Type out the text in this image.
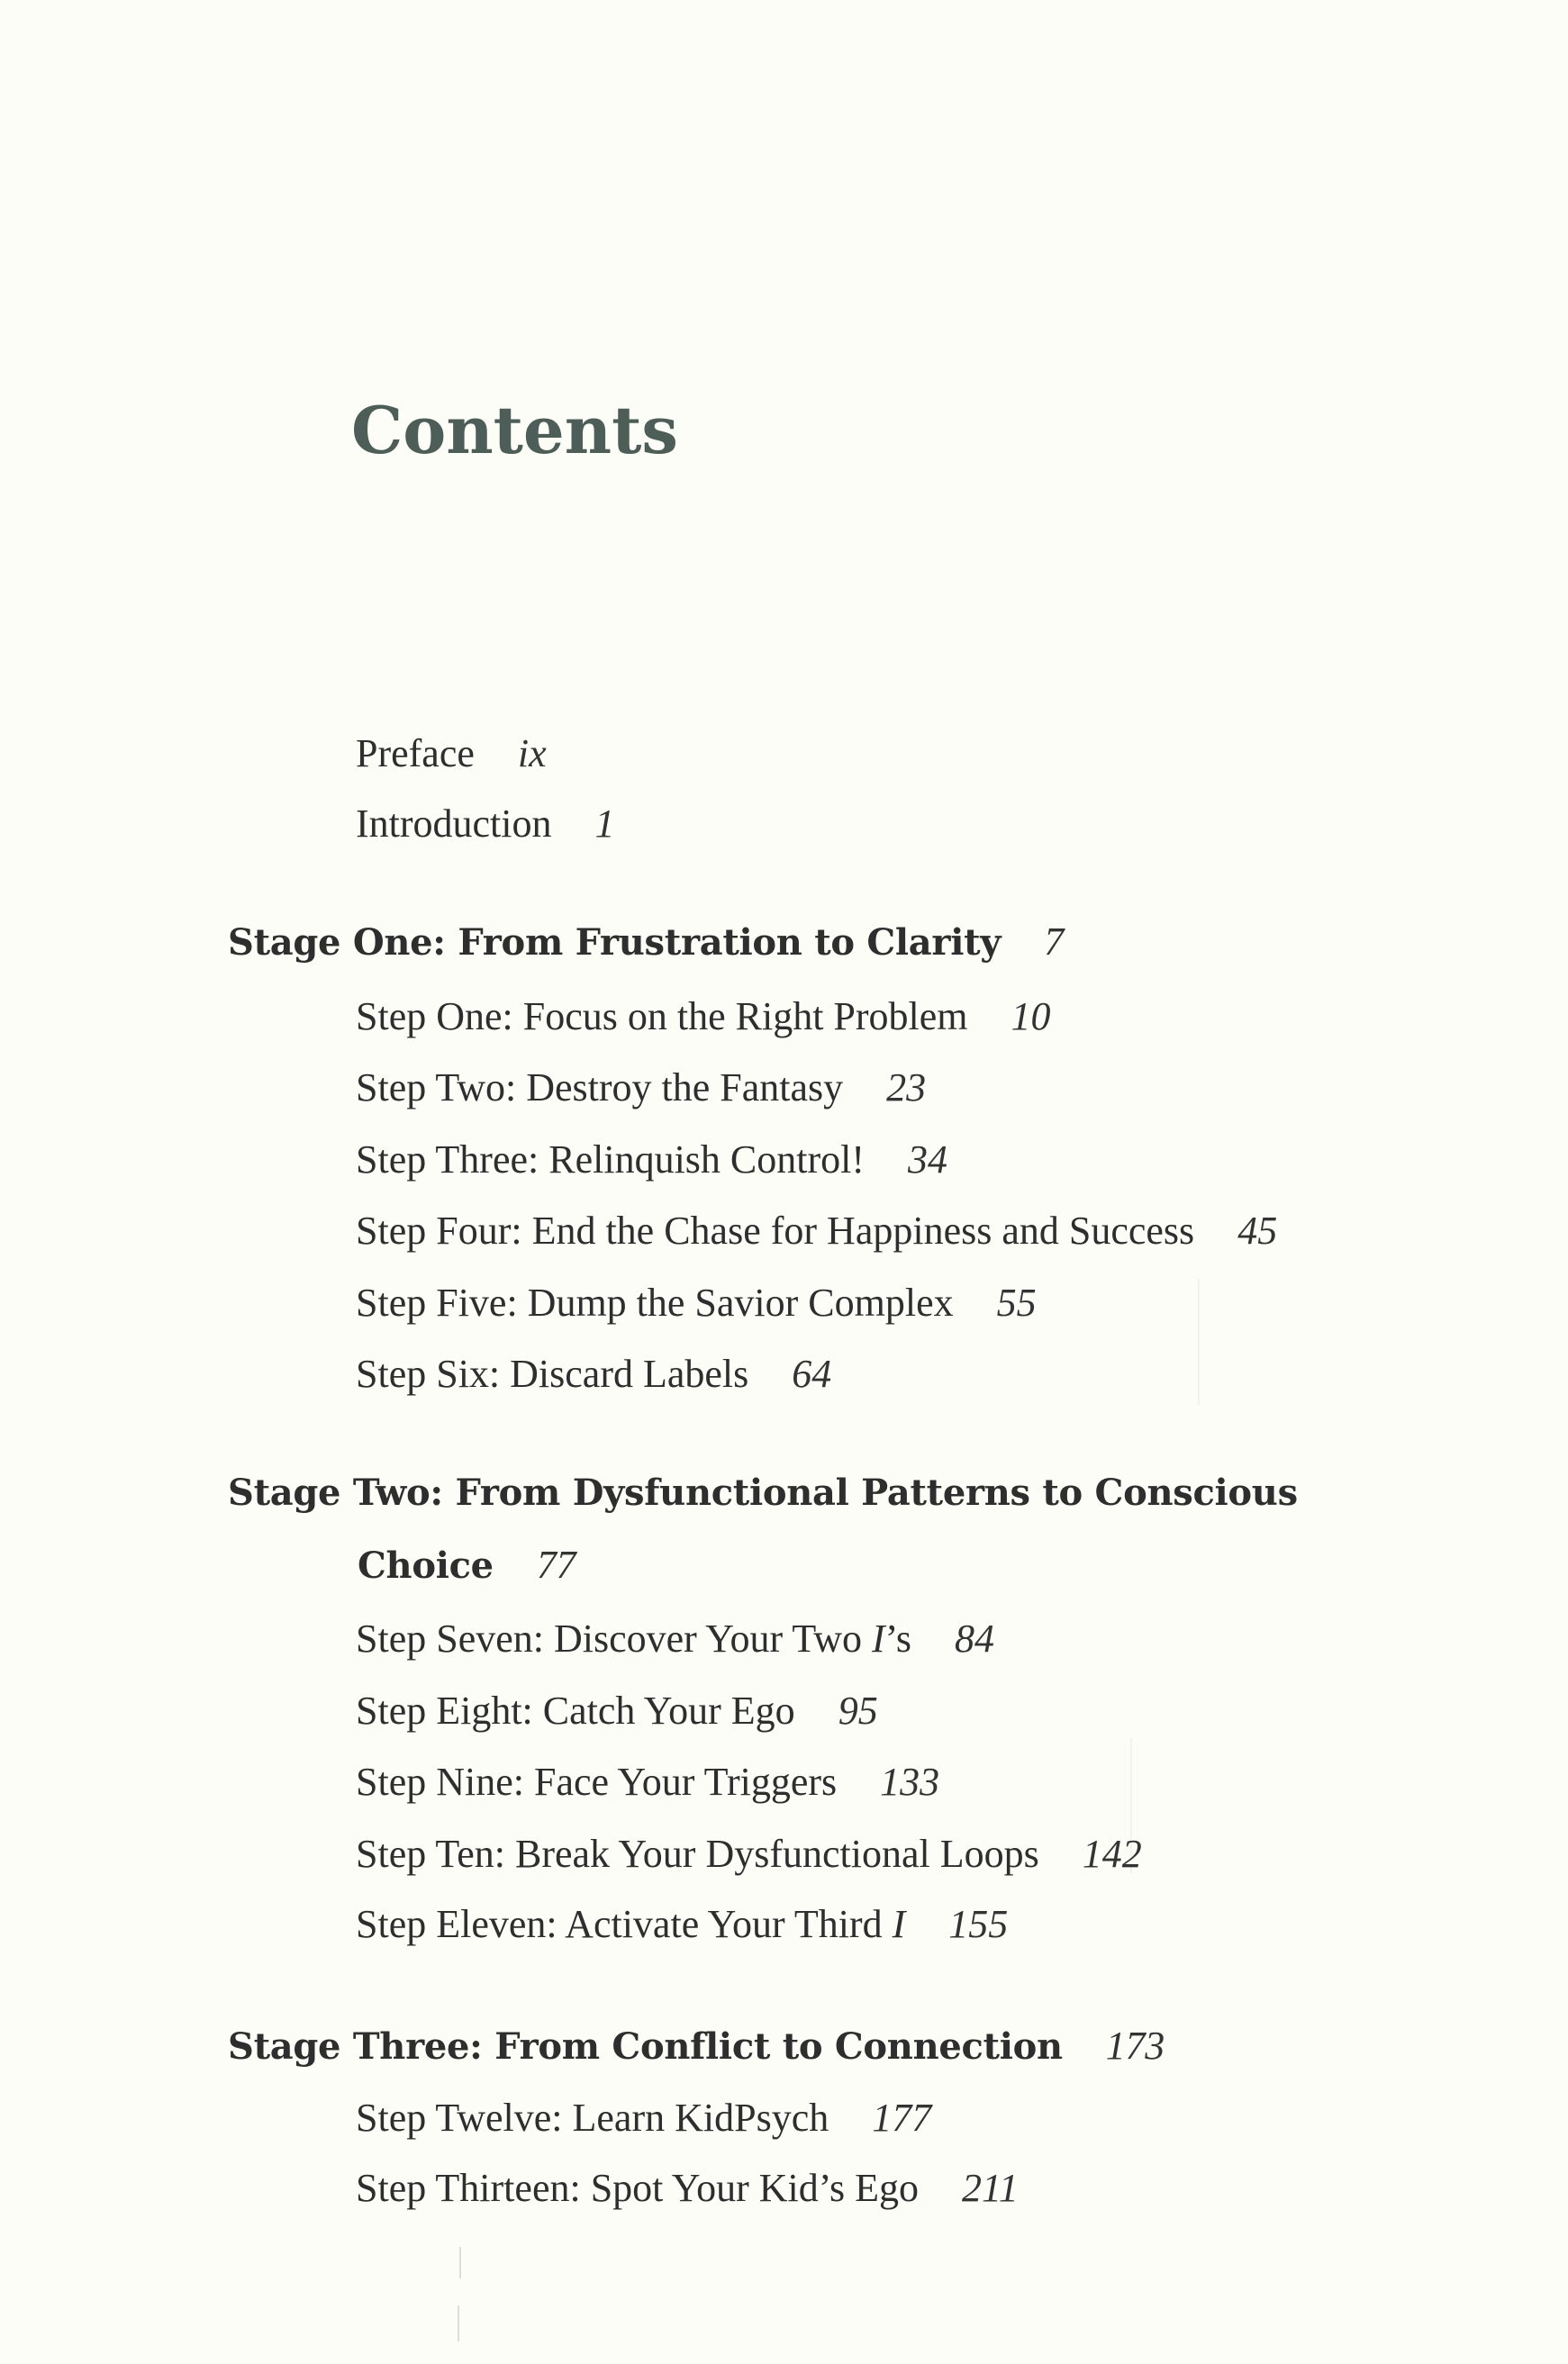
Contents
Preface ix
Introduction 1
Stage One: From Frustration to Clarity 7
Step One: Focus on the Right Problem 10
Step Two: Destroy the Fantasy 23
Step Three: Relinquish Control! 34
Step Four: End the Chase for Happiness and Success 45
Step Five: Dump the Savior Complex 55
Step Six: Discard Labels 64
Stage Two: From Dysfunctional Patterns to Conscious
Choice 77
Step Seven: Discover Your Two I’s 84
Step Eight: Catch Your Ego 95
Step Nine: Face Your Triggers 133
Step Ten: Break Your Dysfunctional Loops 142
Step Eleven: Activate Your Third I 155
Stage Three: From Conflict to Connection 173
Step Twelve: Learn KidPsych 177
Step Thirteen: Spot Your Kid’s Ego 211
